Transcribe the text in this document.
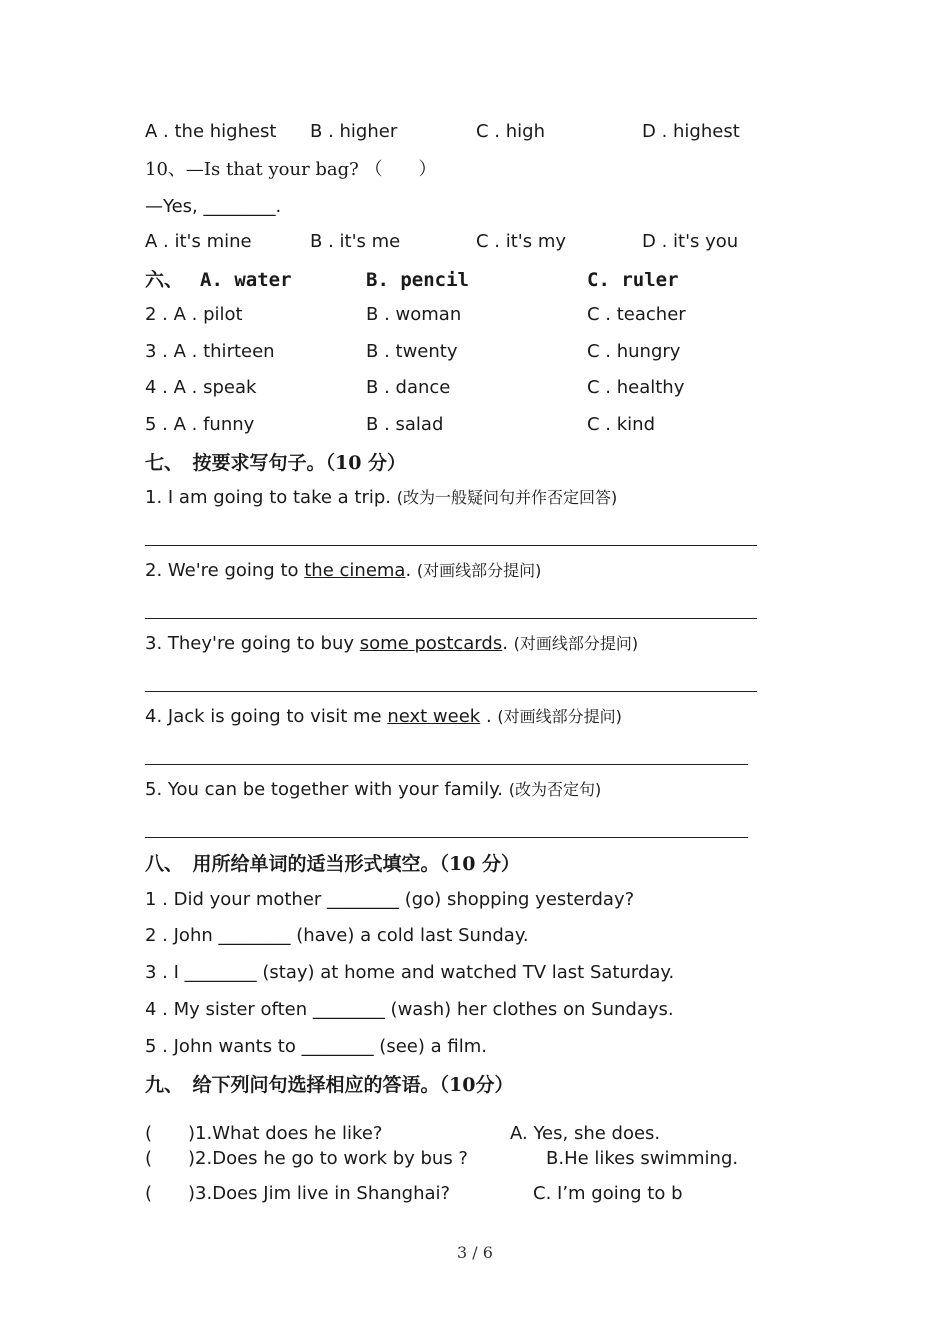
A . the highest B . higher	C . high	D . highest
10、—Is that your bag? （　　）
—Yes, ________.
A . it's mine	B . it's me	C . it's my	D . it's you
六、 A. water	B. pencil	C. ruler
2 . A . pilot	B . woman	C . teacher
3 . A . thirteen	B . twenty	C . hungry
4 . A . speak	B . dance	C . healthy
5 . A . funny	B . salad	C . kind
七、　按要求写句子。（10 分）
1. I am going to take a trip. (改为一般疑问句并作否定回答)
2. We're going to the cinema. (对画线部分提问)
3. They're going to buy some postcards. (对画线部分提问)
4. Jack is going to visit me next week . (对画线部分提问)
5. You can be together with your family. (改为否定句)
八、　用所给单词的适当形式填空。（10 分）
1 . Did your mother ________ (go) shopping yesterday?
2 . John ________ (have) a cold last Sunday.
3 . I ________ (stay) at home and watched TV last Saturday.
4 . My sister often ________ (wash) her clothes on Sundays.
5 . John wants to ________ (see) a film.
九、　给下列问句选择相应的答语。（10分）
(　　)1.What does he like?	A. Yes, she does.
(　　)2.Does he go to work by bus ?	B.He likes swimming.
(　　)3.Does Jim live in Shanghai?	C. I’m going to b
3 / 6
